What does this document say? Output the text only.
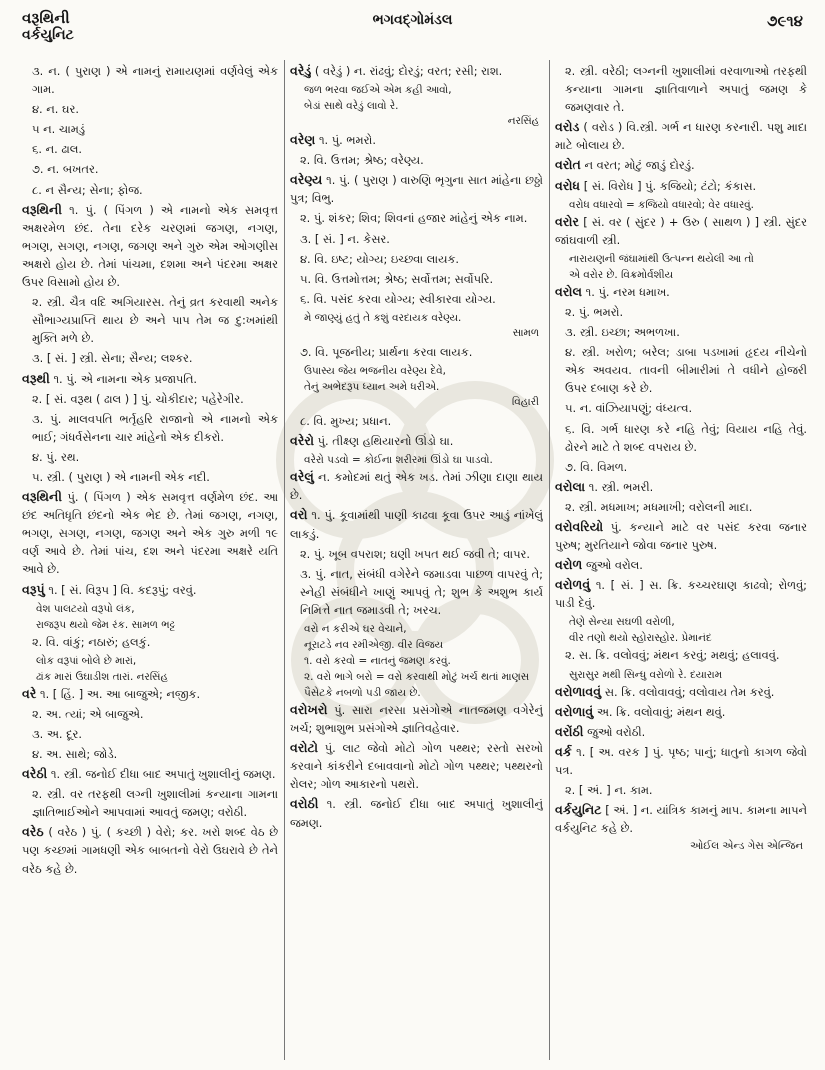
વરૂથિની
વર્કયુનિટ
ભગવદ્ગોમંડલ	૭૯૧૪
૩. ન. ( પુરાણ ) એ નામનું રામાયણમાં વર્ણવેલું એક ગામ.
૪. ન. ઘર.
૫ ન. ચામડું
૬. ન. ઢાલ.
૭. ન. બખતર.
૮. ન સૈન્ય; સેના; ફોજ.
વરૂથિની ૧. પું. ( પિંગળ ) એ નામનો એક સમવૃત્ત અક્ષરમેળ છંદ. તેના દરેક ચરણમાં જગણ, નગણ, ભગણ, સગણ, નગણ, જગણ અને ગુરુ એમ ઓગણીસ અક્ષરો હોય છે. તેમાં પાંચમા, દશમા અને પંદરમા અક્ષર ઉપર વિસામો હોય છે.
૨. સ્ત્રી. ચૈત્ર વદિ અગિયારસ. તેનું વ્રત કરવાથી અનેક સૌભાગ્યપ્રાપ્તિ થાય છે અને પાપ તેમ જ દુ:ખમાંથી મુક્તિ મળે છે.
૩. [ સં. ] સ્ત્રી. સેના; સૈન્ય; લશ્કર.
વરૂથી ૧. પું. એ નામના એક પ્રજાપતિ.
૨. [ સં. વરૂથ ( ઢાલ ) ] પું. ચોકીદાર; પહેરેગીર.
૩. પું. માલવપતિ ભર્તૃહરિ રાજાનો એ નામનો એક ભાઈ; ગંધર્વસેનના ચાર માંહેનો એક દીકરો.
૪. પું. રથ.
૫. સ્ત્રી. ( પુરાણ ) એ નામની એક નદી.
વરૂથિની પું. ( પિંગળ ) એક સમવૃત્ત વર્ણમેળ છંદ. આ છંદ અતિધૃતિ છંદનો એક ભેદ છે. તેમાં જગણ, નગણ, ભગણ, સગણ, નગણ, જગણ અને એક ગુરુ મળી ૧૯ વર્ણ આવે છે. તેમાં પાંચ, દશ અને પંદરમા અક્ષરે યતિ આવે છે.
વરૂપું ૧. [ સં. વિરૂપ ] વિ. કદરૂપું; વરવું.
વેશ પાલટયો વરૂપો લંક,
રાજરૂપ થયો જેમ રંક. સામળ ભટ્ટ
૨. વિ. વાંકું; નઠારું; હલકું.
લોક વરૂપાં બોલે છે મારાં,
ઢાંક મારાં ઉઘાડીશ તારાં. નરસિંહ
વરે ૧. [ હિં. ] અ. આ બાજુએ; નજીક.
૨. અ. ત્યાં; એ બાજુએ.
૩. અ. દૂર.
૪. અ. સાથે; જોડે.
વરેઠી ૧. સ્ત્રી. જનોઈ દીધા બાદ અપાતું ખુશાલીનું જમણ.
૨. સ્ત્રી. વર તરફથી લગ્ની ખુશાલીમાં કન્યાના ગામના જ્ઞાતિભાઈઓને આપવામાં આવતું જમણ; વરોઠી.
વરેઠ ( વરેઠ ) પું. ( કચ્છી ) વેરો; કર. ખરો શબ્દ વેઠ છે પણ કચ્છમાં ગામધણી એક બાબતનો વેરો ઉઘરાવે છે તેને વરેઠ કહે છે.
વરેડું ( વરેડું ) ન. રાંઢવું; દોરડું; વરત; રસી; રાશ.
જળ ભરવા જઈએ એમ કહી આવો,
બેડાં સાથે વરેડું લાવો રે.
નરસિંહ
વરેણ ૧. પું. ભમરો.
૨. વિ. ઉત્તમ; શ્રેષ્ઠ; વરેણ્ય.
વરેણ્ય ૧. પું. ( પુરાણ ) વારુણિ ભૃગુના સાત માંહેના છઠ્ઠો પુત્ર; વિભુ.
૨. પું. શંકર; શિવ; શિવનાં હજાર માંહેનું એક નામ.
૩. [ સં. ] ન. કેસર.
૪. વિ. ઇષ્ટ; યોગ્ય; ઇચ્છવા લાયક.
૫. વિ. ઉત્તમોત્તમ; શ્રેષ્ઠ; સર્વોત્તમ; સર્વોપરિ.
૬. વિ. પસંદ કરવા યોગ્ય; સ્વીકારવા યોગ્ય.
મે જાણ્યું હતું તે કશું વરદાયક વરેણ્ય.
સામળ
૭. વિ. પૂજનીય; પ્રાર્થના કરવા લાયક.
ઉપાસ્ય જેય ભજનીય વરેણ્ય દેવે,
તેનું અભેદરૂપ ધ્યાન અમે ધરીએ.
વિહારી
૮. વિ. મુખ્ય; પ્રધાન.
વરેરો પું. તીક્ષ્ણ હથિયારનો ઊંડો ઘા.
વરેરો પડવો = કોઈના શરીરમાં ઊંડો ઘા પાડવો.
વરેલું ન. કમોદમાં થતું એક ખડ. તેમાં ઝીણા દાણા થાય છે.
વરો ૧. પું. કૂવામાંથી પાણી કાઢવા કૂવા ઉપર આડું નાંખેલું લાકડું.
૨. પું. ખૂબ વપરાશ; ઘણી ખપત થઈ જવી તે; વાપર.
૩. પું. નાત, સંબંધી વગેરેને જમાડવા પાછળ વાપરવું તે; સ્નેહી સંબંધીને ખાણું આપવું તે; શુભ કે અશુભ કાર્ય નિમિત્તે નાત જમાડવી તે; ખરચ.
વરો ન કરીએ ઘર વેચાને,
નૂરાટડે નવ રમીએજી. વીર વિજય
૧. વરો કરવો = નાતનું જમણ કરવું.
૨. વરો ભાગે બરો = વરો કરવાથી મોટું ખર્ચ થતાં માણસ પૈસેટકે નબળો પડી જાય છે.
વરોખરો પું. સારા નરસા પ્રસંગોએ નાતજમણ વગેરેનું ખર્ચ; શુભાશુભ પ્રસંગોએ જ્ઞાતિવહેવાર.
વરોટો પું. લાટ જેવો મોટો ગોળ પથ્થર; રસ્તો સરખો કરવાને કાંકરીને દબાવવાનો મોટો ગોળ પથ્થર; પથ્થરનો રોલર; ગોળ આકારનો પથરો.
વરોઠી ૧. સ્ત્રી. જનોઈ દીધા બાદ અપાતું ખુશાલીનું જમણ.
૨. સ્ત્રી. વરેઠી; લગ્નની ખુશાલીમાં વરવાળાઓ તરફથી કન્યાના ગામના જ્ઞાતિવાળાને અપાતું જમણ કે જમણવાર તે.
વરોડ ( વરોડ ) વિ.સ્ત્રી. ગર્ભ ન ધારણ કરનારી. પશુ માદા માટે બોલાય છે.
વરોત ન વરત; મોટું જાડું દોરડું.
વરોધ [ સં. વિરોધ ] પું. કજિયો; ટંટો; કંકાસ.
વરોધ વધારવો = કજિયો વધારવો; વેર વધારવું.
વરોર [ સં. વર ( સુંદર ) + ઉરુ ( સાથળ ) ] સ્ત્રી. સુંદર જાંઘવાળી સ્ત્રી.
નારાયણની જંઘામાંથી ઉત્પન્ન થયેલી આ તો
એ વરોર છે. વિક્રમોર્વશીય
વરોલ ૧. પું. નરમ ધમાખ.
૨. પું. ભમરો.
૩. સ્ત્રી. ઇચ્છા; અભળખા.
૪. સ્ત્રી. ખરોળ; બરેલ; ડાબા પડખામાં હૃદય નીચેનો એક અવયવ. તાવની બીમારીમાં તે વધીને હોજરી ઉપર દબાણ કરે છે.
૫. ન. વાંઝિયાપણું; વંધ્યત્વ.
૬. વિ. ગર્ભ ધારણ કરે નહિ તેવું; વિયાય નહિ તેવું. ઢોરને માટે તે શબ્દ વપરાય છે.
૭. વિ. વિમળ.
વરોલા ૧. સ્ત્રી. ભમરી.
૨. સ્ત્રી. મધમાખ; મધમાખી; વરોલની માદા.
વરોવરિયો પું. કન્યાને માટે વર પસંદ કરવા જનાર પુરુષ; મુરતિયાને જોવા જનાર પુરુષ.
વરોળ જુઓ વરોલ.
વરોળવું ૧. [ સં. ] સ. ક્રિ. કચ્ચરઘાણ કાઢવો; રોળવું; પાડી દેવું.
તેણે સેન્યા સઘળી વરોળી,
વીર તણો થયો સ્હોરાસ્હોર. પ્રેમાનંદ
૨. સ. ક્રિ. વલોવવું; મંથન કરવું; મથવું; હલાવવું.
સુરાસુર મથી સિન્ધુ વરોળો રે. દયારામ
વરોળાવવું સ. ક્રિ. વલોવાવવું; વલોવાય તેમ કરવું.
વરોળાવું અ. ક્રિ. વલોવાવું; મંથન થવું.
વરોંઠી જુઓ વરોઠી.
વર્ક ૧. [ અ. વરક ] પું. પૃષ્ઠ; પાનું; ધાતુનો કાગળ જેવો પત્ર.
૨. [ અં. ] ન. કામ.
વર્કયુનિટ [ અં. ] ન. યાંત્રિક કામનું માપ. કામના માપને વર્કયુનિટ કહે છે.
ઓઈલ એન્ડ ગેસ એન્જિન
